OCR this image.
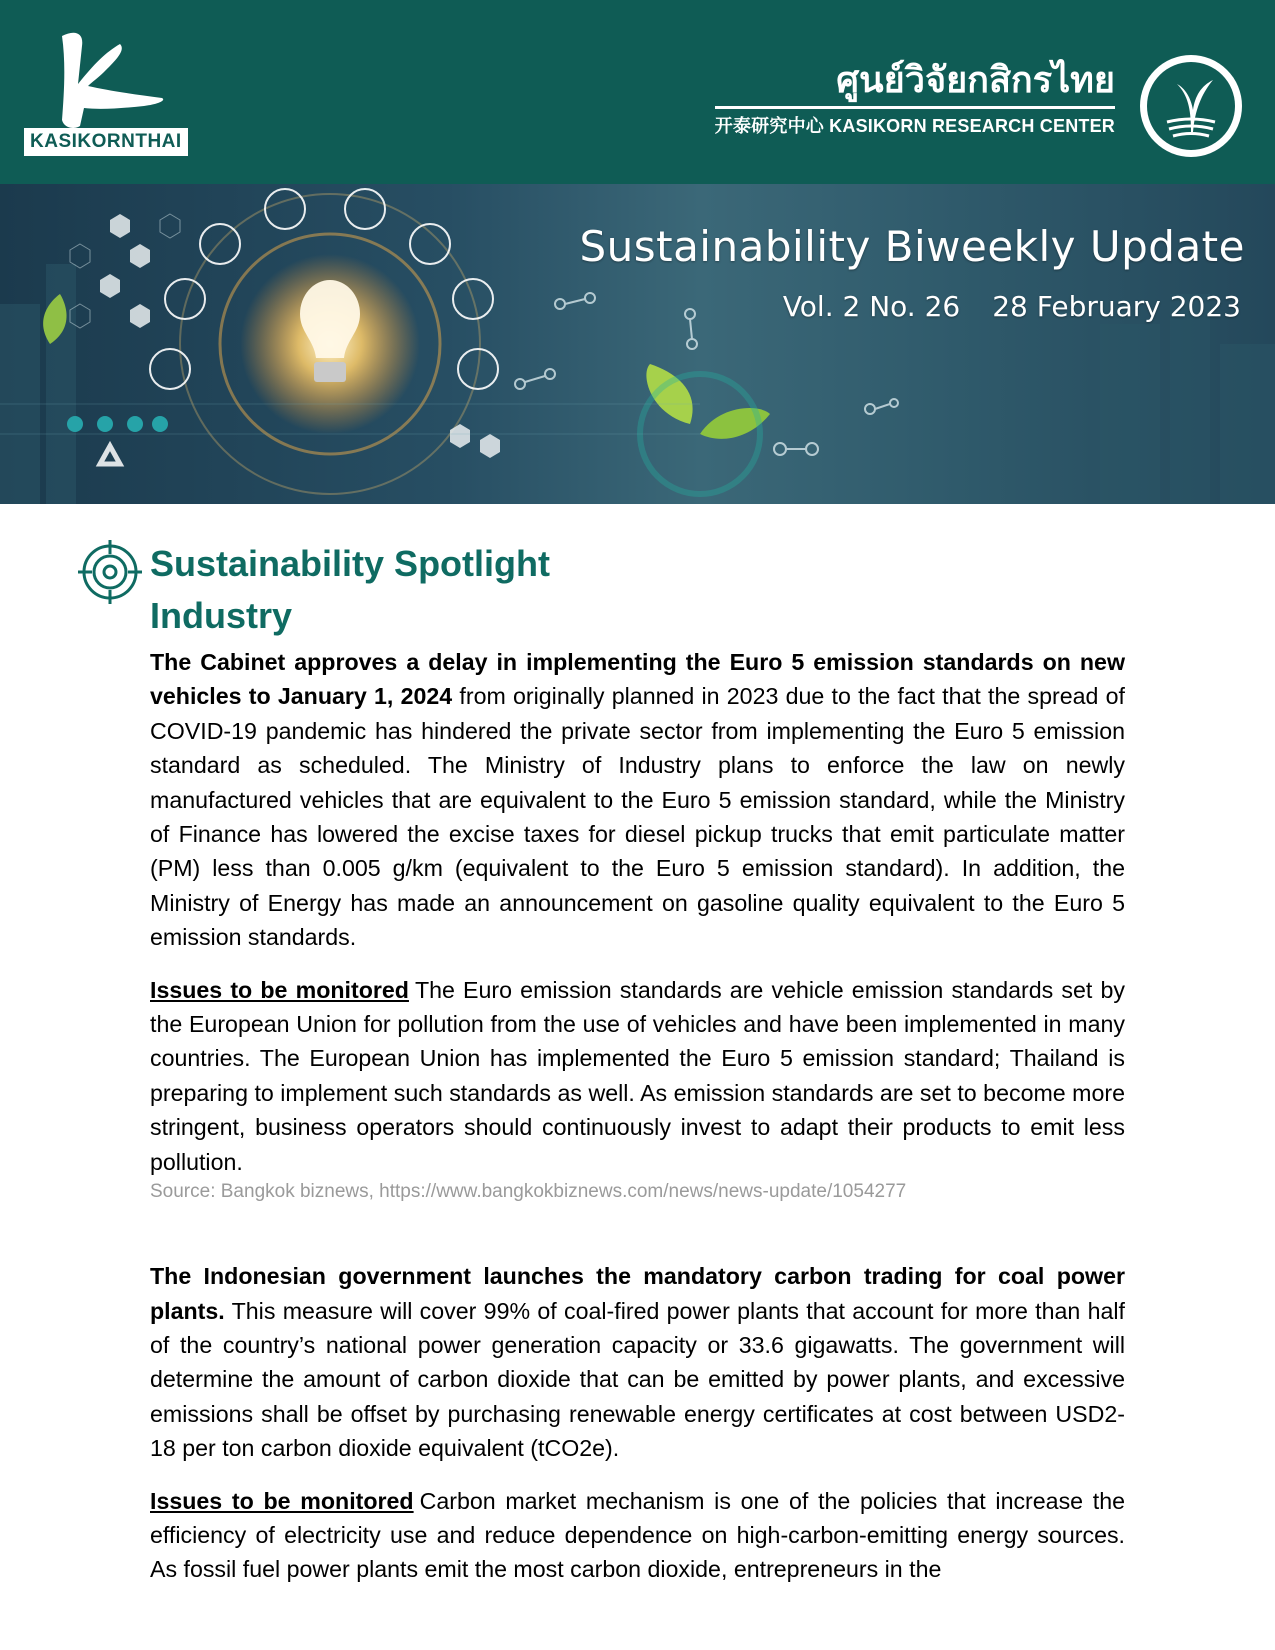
KASIKORNTHAI
ศูนย์วิจัยกสิกรไทย
开泰研究中心 KASIKORN RESEARCH CENTER
Sustainability Biweekly Update
Vol. 2 No. 26 28 February 2023
Sustainability Spotlight
Industry

The Cabinet approves a delay in implementing the Euro 5 emission standards on new vehicles to January 1, 2024 from originally planned in 2023 due to the fact that the spread of COVID-19 pandemic has hindered the private sector from implementing the Euro 5 emission standard as scheduled. The Ministry of Industry plans to enforce the law on newly manufactured vehicles that are equivalent to the Euro 5 emission standard, while the Ministry of Finance has lowered the excise taxes for diesel pickup trucks that emit particulate matter (PM) less than 0.005 g/km (equivalent to the Euro 5 emission standard). In addition, the Ministry of Energy has made an announcement on gasoline quality equivalent to the Euro 5 emission standards.

Issues to be monitored The Euro emission standards are vehicle emission standards set by the European Union for pollution from the use of vehicles and have been implemented in many countries. The European Union has implemented the Euro 5 emission standard; Thailand is preparing to implement such standards as well. As emission standards are set to become more stringent, business operators should continuously invest to adapt their products to emit less pollution.

Source: Bangkok biznews, https://www.bangkokbiznews.com/news/news-update/1054277

The Indonesian government launches the mandatory carbon trading for coal power plants. This measure will cover 99% of coal-fired power plants that account for more than half of the country’s national power generation capacity or 33.6 gigawatts. The government will determine the amount of carbon dioxide that can be emitted by power plants, and excessive emissions shall be offset by purchasing renewable energy certificates at cost between USD2-18 per ton carbon dioxide equivalent (tCO2e).

Issues to be monitored Carbon market mechanism is one of the policies that increase the efficiency of electricity use and reduce dependence on high-carbon-emitting energy sources. As fossil fuel power plants emit the most carbon dioxide, entrepreneurs in the
